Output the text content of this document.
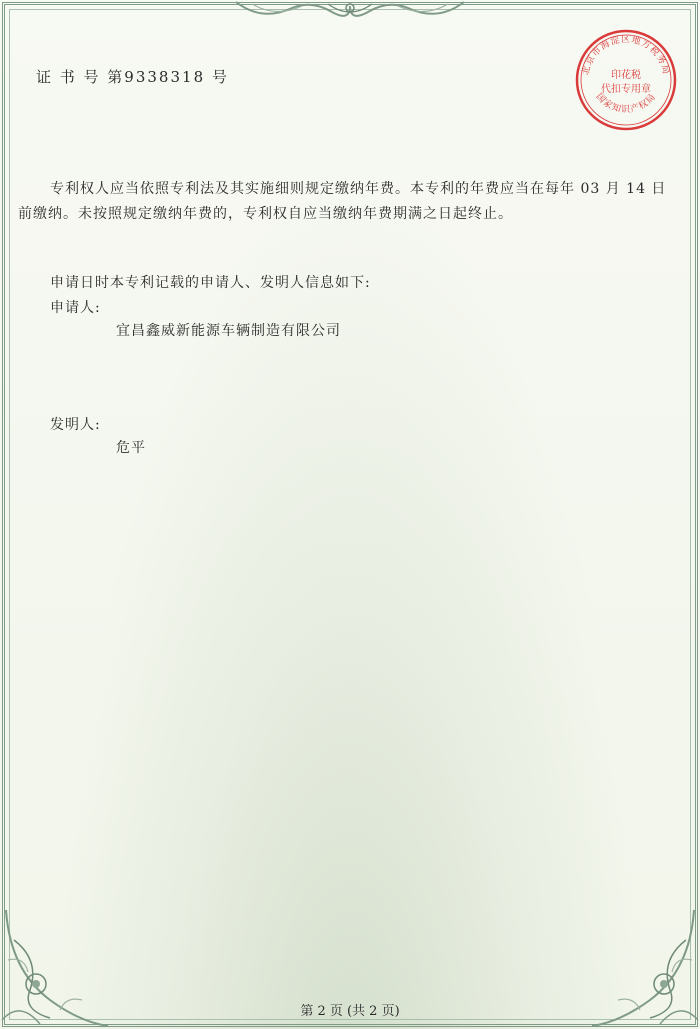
北京市海淀区地方税务局
国家知识产权局
印花税
代扣专用章
证 书 号 第9338318 号
专利权人应当依照专利法及其实施细则规定缴纳年费。本专利的年费应当在每年 03 月 14 日
前缴纳。未按照规定缴纳年费的，专利权自应当缴纳年费期满之日起终止。
申请日时本专利记载的申请人、发明人信息如下:
申请人:
宜昌鑫威新能源车辆制造有限公司
发明人:
危平
第 2 页 (共 2 页)
